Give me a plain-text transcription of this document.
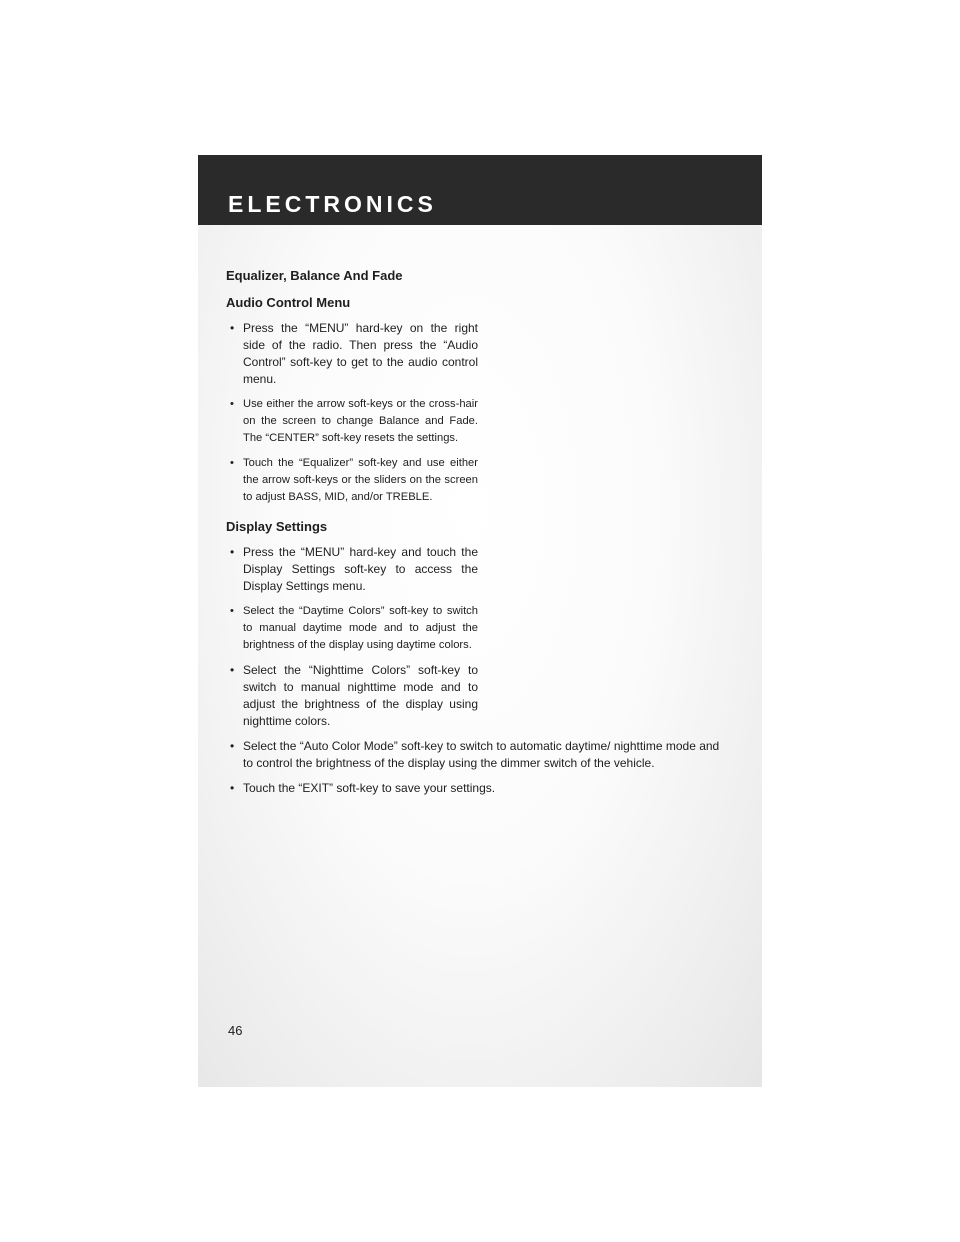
ELECTRONICS
Equalizer, Balance And Fade
Audio Control Menu
• Press the “MENU” hard-key on the right side of the radio. Then press the “Audio Control” soft-key to get to the audio control menu.
• Use either the arrow soft-keys or the cross-hair on the screen to change Balance and Fade. The “CENTER” soft-key resets the settings.
• Touch the “Equalizer” soft-key and use either the arrow soft-keys or the sliders on the screen to adjust BASS, MID, and/or TREBLE.
Display Settings
• Press the “MENU” hard-key and touch the Display Settings soft-key to access the Display Settings menu.
• Select the “Daytime Colors” soft-key to switch to manual daytime mode and to adjust the brightness of the display using daytime colors.
• Select the “Nighttime Colors” soft-key to switch to manual nighttime mode and to adjust the brightness of the display using nighttime colors.
• Select the “Auto Color Mode” soft-key to switch to automatic daytime/ nighttime mode and to control the brightness of the display using the dimmer switch of the vehicle.
• Touch the “EXIT” soft-key to save your settings.
46
